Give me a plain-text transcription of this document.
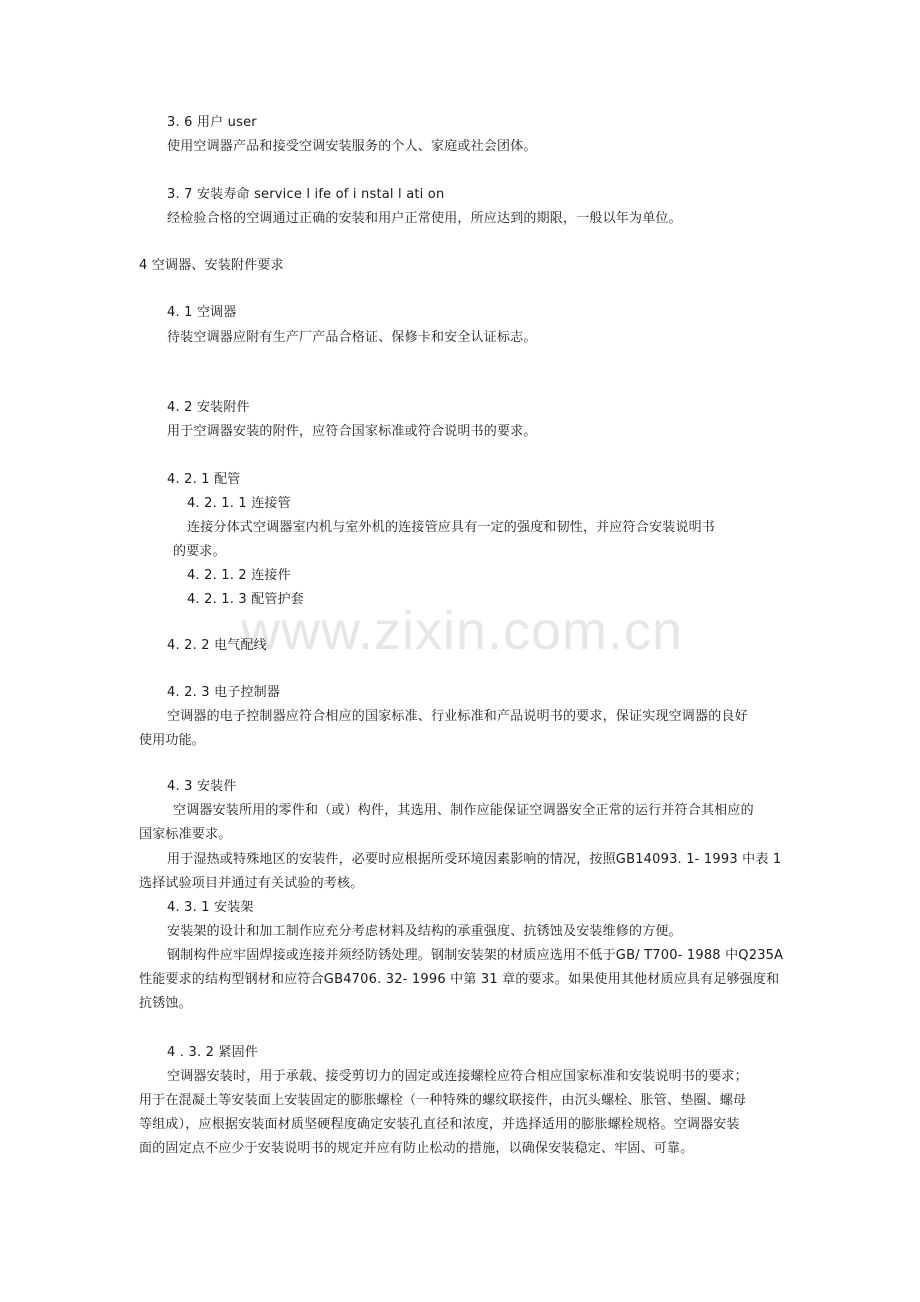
www.zixin.com.cn
3. 6 用户 user
使用空调器产品和接受空调安装服务的个人、家庭或社会团体。
3. 7 安装寿命 service l ife of i nstal l ati on
经检验合格的空调通过正确的安装和用户正常使用，所应达到的期限，一般以年为单位。
4 空调器、安装附件要求
4. 1 空调器
待装空调器应附有生产厂产品合格证、保修卡和安全认证标志。
4. 2 安装附件
用于空调器安装的附件，应符合国家标准或符合说明书的要求。
4. 2. 1 配管
4. 2. 1. 1 连接管
连接分体式空调器室内机与室外机的连接管应具有一定的强度和韧性，并应符合安装说明书
的要求。
4. 2. 1. 2 连接件
4. 2. 1. 3 配管护套
4. 2. 2 电气配线
4. 2. 3 电子控制器
空调器的电子控制器应符合相应的国家标准、行业标准和产品说明书的要求，保证实现空调器的良好
使用功能。
4. 3 安装件
空调器安装所用的零件和（或）构件，其选用、制作应能保证空调器安全正常的运行并符合其相应的
国家标准要求。
用于湿热或特殊地区的安装件，必要时应根据所受环境因素影响的情况，按照GB14093. 1- 1993 中表 1
选择试验项目并通过有关试验的考核。
4. 3. 1 安装架
安装架的设计和加工制作应充分考虑材料及结构的承重强度、抗锈蚀及安装维修的方便。
钢制构件应牢固焊接或连接并须经防锈处理。钢制安装架的材质应选用不低于GB/ T700- 1988 中Q235A
性能要求的结构型钢材和应符合GB4706. 32- 1996 中第 31 章的要求。如果使用其他材质应具有足够强度和
抗锈蚀。
4 . 3. 2 紧固件
空调器安装时，用于承载、接受剪切力的固定或连接螺栓应符合相应国家标准和安装说明书的要求；
用于在混凝土等安装面上安装固定的膨胀螺栓（一种特殊的螺纹联接件，由沉头螺栓、胀管、垫圈、螺母
等组成），应根据安装面材质坚硬程度确定安装孔直径和浓度，并选择适用的膨胀螺栓规格。空调器安装
面的固定点不应少于安装说明书的规定并应有防止松动的措施，以确保安装稳定、牢固、可靠。
